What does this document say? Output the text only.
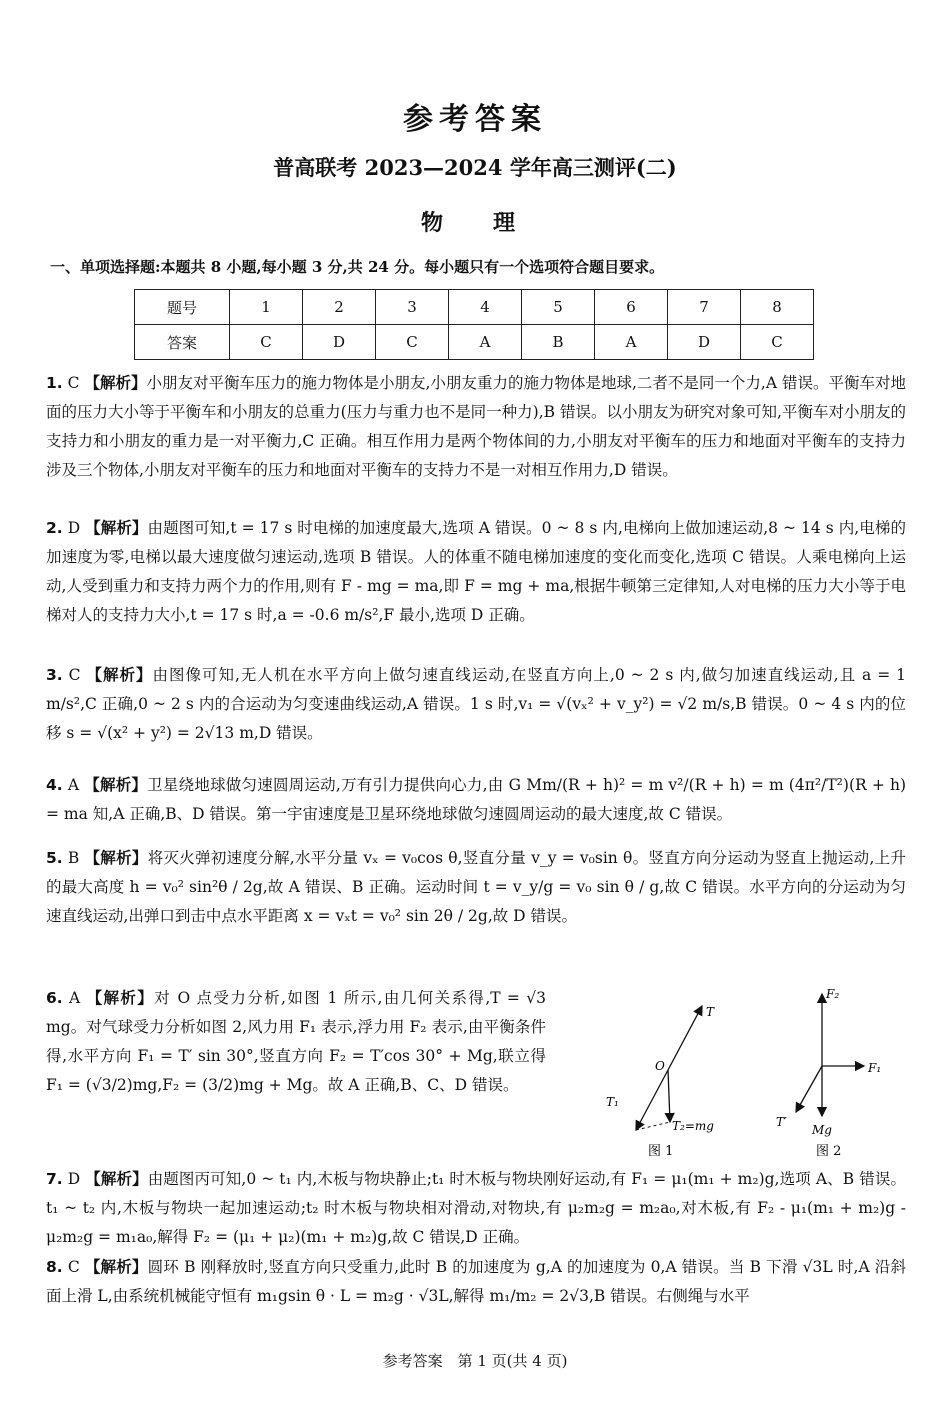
参考答案
普高联考 2023—2024 学年高三测评(二)
物　理
一、单项选择题:本题共 8 小题,每小题 3 分,共 24 分。每小题只有一个选项符合题目要求。
题号	1	2	3	4	5	6	7	8
答案	C	D	C	A	B	A	D	C
1. C 【解析】小朋友对平衡车压力的施力物体是小朋友,小朋友重力的施力物体是地球,二者不是同一个力,A 错误。平衡车对地面的压力大小等于平衡车和小朋友的总重力(压力与重力也不是同一种力),B 错误。以小朋友为研究对象可知,平衡车对小朋友的支持力和小朋友的重力是一对平衡力,C 正确。相互作用力是两个物体间的力,小朋友对平衡车的压力和地面对平衡车的支持力涉及三个物体,小朋友对平衡车的压力和地面对平衡车的支持力不是一对相互作用力,D 错误。
2. D 【解析】由题图可知,t = 17 s 时电梯的加速度最大,选项 A 错误。0 ~ 8 s 内,电梯向上做加速运动,8 ~ 14 s 内,电梯的加速度为零,电梯以最大速度做匀速运动,选项 B 错误。人的体重不随电梯加速度的变化而变化,选项 C 错误。人乘电梯向上运动,人受到重力和支持力两个力的作用,则有 F - mg = ma,即 F = mg + ma,根据牛顿第三定律知,人对电梯的压力大小等于电梯对人的支持力大小,t = 17 s 时,a = -0.6 m/s²,F 最小,选项 D 正确。
3. C 【解析】由图像可知,无人机在水平方向上做匀速直线运动,在竖直方向上,0 ~ 2 s 内,做匀加速直线运动,且 a = 1 m/s²,C 正确,0 ~ 2 s 内的合运动为匀变速曲线运动,A 错误。1 s 时,v₁ = √(vₓ² + v_y²) = √2 m/s,B 错误。0 ~ 4 s 内的位移 s = √(x² + y²) = 2√13 m,D 错误。
4. A 【解析】卫星绕地球做匀速圆周运动,万有引力提供向心力,由 G Mm/(R + h)² = m v²/(R + h) = m (4π²/T²)(R + h) = ma 知,A 正确,B、D 错误。第一宇宙速度是卫星环绕地球做匀速圆周运动的最大速度,故 C 错误。
5. B 【解析】将灭火弹初速度分解,水平分量 vₓ = v₀cos θ,竖直分量 v_y = v₀sin θ。竖直方向分运动为竖直上抛运动,上升的最大高度 h = v₀² sin²θ / 2g,故 A 错误、B 正确。运动时间 t = v_y/g = v₀ sin θ / g,故 C 错误。水平方向的分运动为匀速直线运动,出弹口到击中点水平距离 x = vₓt = v₀² sin 2θ / 2g,故 D 错误。
6. A 【解析】对 O 点受力分析,如图 1 所示,由几何关系得,T = √3 mg。对气球受力分析如图 2,风力用 F₁ 表示,浮力用 F₂ 表示,由平衡条件得,水平方向 F₁ = T′ sin 30°,竖直方向 F₂ = T′cos 30° + Mg,联立得 F₁ = (√3/2)mg,F₂ = (3/2)mg + Mg。故 A 正确,B、C、D 错误。
T
O
T₁
T₂=mg
图 1
F₂
F₁
T′
Mg
图 2
7. D 【解析】由题图丙可知,0 ~ t₁ 内,木板与物块静止;t₁ 时木板与物块刚好运动,有 F₁ = μ₁(m₁ + m₂)g,选项 A、B 错误。t₁ ~ t₂ 内,木板与物块一起加速运动;t₂ 时木板与物块相对滑动,对物块,有 μ₂m₂g = m₂a₀,对木板,有 F₂ - μ₁(m₁ + m₂)g - μ₂m₂g = m₁a₀,解得 F₂ = (μ₁ + μ₂)(m₁ + m₂)g,故 C 错误,D 正确。
8. C 【解析】圆环 B 刚释放时,竖直方向只受重力,此时 B 的加速度为 g,A 的加速度为 0,A 错误。当 B 下滑 √3L 时,A 沿斜面上滑 L,由系统机械能守恒有 m₁gsin θ · L = m₂g · √3L,解得 m₁/m₂ = 2√3,B 错误。右侧绳与水平
参考答案　第 1 页(共 4 页)
